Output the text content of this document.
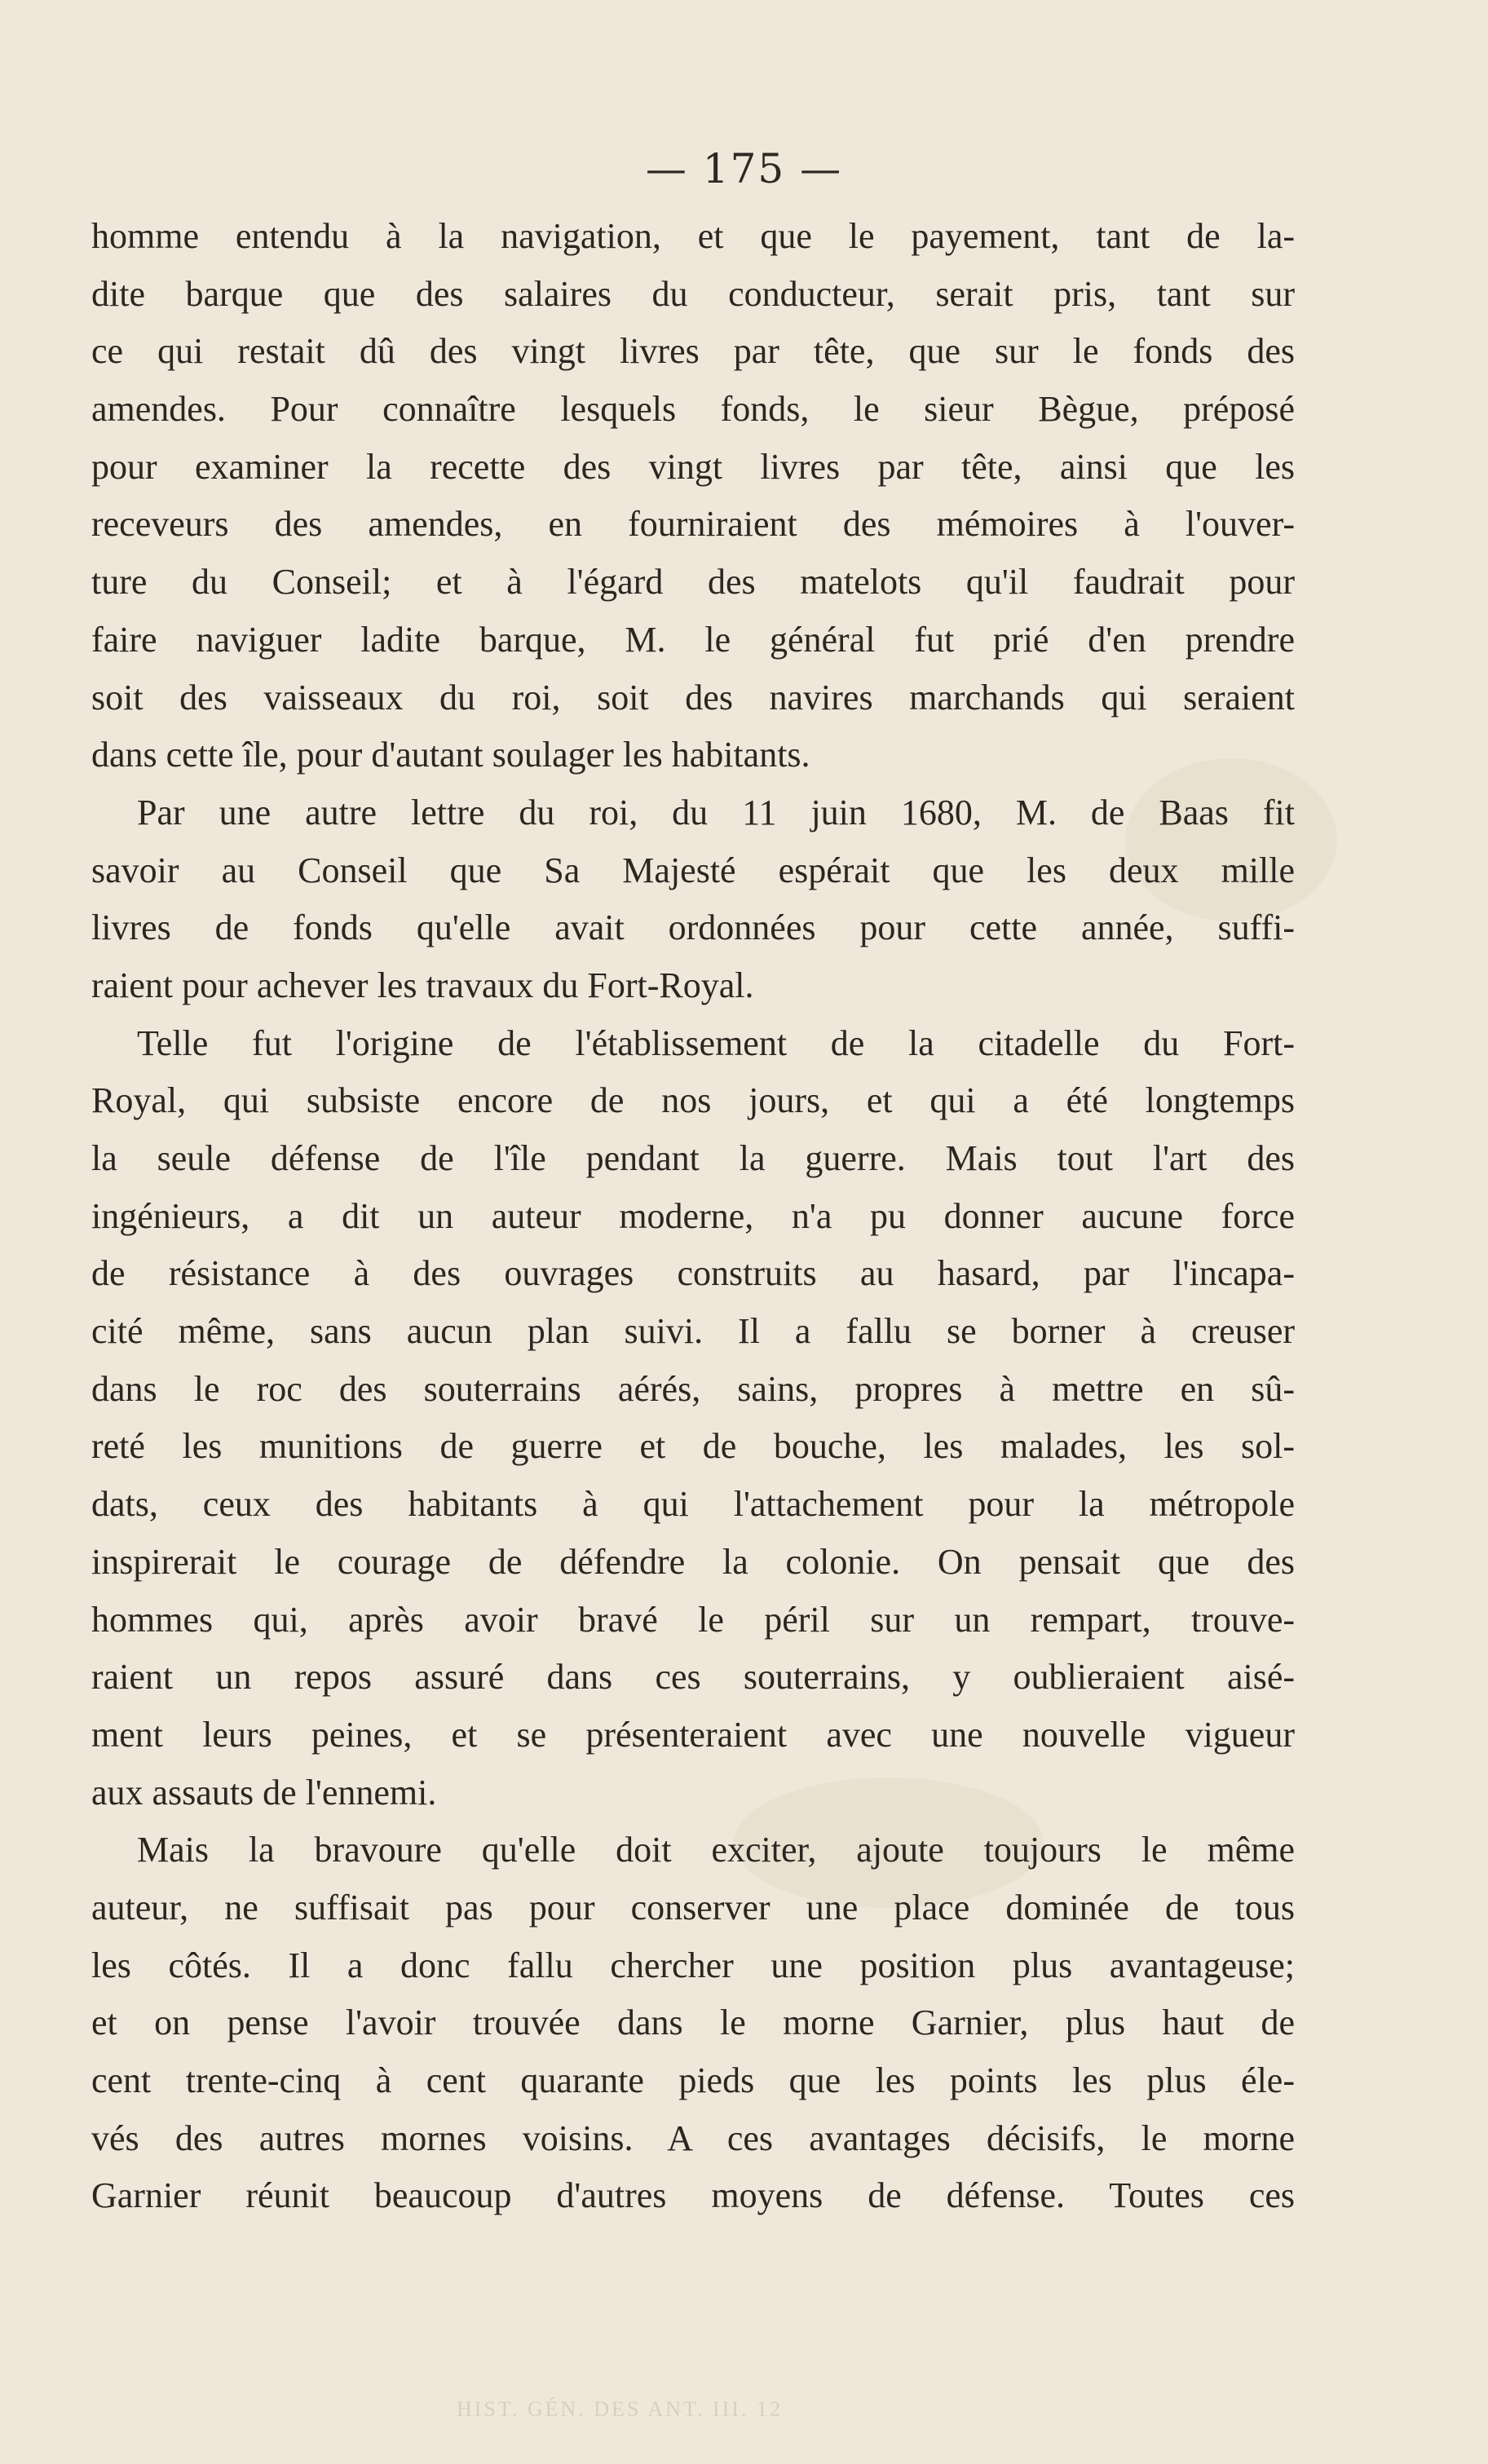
— 175 —
homme entendu à la navigation, et que le payement, tant de la-
dite barque que des salaires du conducteur, serait pris, tant sur
ce qui restait dû des vingt livres par tête, que sur le fonds des
amendes. Pour connaître lesquels fonds, le sieur Bègue, préposé
pour examiner la recette des vingt livres par tête, ainsi que les
receveurs des amendes, en fourniraient des mémoires à l'ouver-
ture du Conseil; et à l'égard des matelots qu'il faudrait pour
faire naviguer ladite barque, M. le général fut prié d'en prendre
soit des vaisseaux du roi, soit des navires marchands qui seraient
dans cette île, pour d'autant soulager les habitants.
Par une autre lettre du roi, du 11 juin 1680, M. de Baas fit
savoir au Conseil que Sa Majesté espérait que les deux mille
livres de fonds qu'elle avait ordonnées pour cette année, suffi-
raient pour achever les travaux du Fort-Royal.
Telle fut l'origine de l'établissement de la citadelle du Fort-
Royal, qui subsiste encore de nos jours, et qui a été longtemps
la seule défense de l'île pendant la guerre. Mais tout l'art des
ingénieurs, a dit un auteur moderne, n'a pu donner aucune force
de résistance à des ouvrages construits au hasard, par l'incapa-
cité même, sans aucun plan suivi. Il a fallu se borner à creuser
dans le roc des souterrains aérés, sains, propres à mettre en sû-
reté les munitions de guerre et de bouche, les malades, les sol-
dats, ceux des habitants à qui l'attachement pour la métropole
inspirerait le courage de défendre la colonie. On pensait que des
hommes qui, après avoir bravé le péril sur un rempart, trouve-
raient un repos assuré dans ces souterrains, y oublieraient aisé-
ment leurs peines, et se présenteraient avec une nouvelle vigueur
aux assauts de l'ennemi.
Mais la bravoure qu'elle doit exciter, ajoute toujours le même
auteur, ne suffisait pas pour conserver une place dominée de tous
les côtés. Il a donc fallu chercher une position plus avantageuse;
et on pense l'avoir trouvée dans le morne Garnier, plus haut de
cent trente-cinq à cent quarante pieds que les points les plus éle-
vés des autres mornes voisins. A ces avantages décisifs, le morne
Garnier réunit beaucoup d'autres moyens de défense. Toutes ces
HIST. GÉN. DES ANT. III. 12
